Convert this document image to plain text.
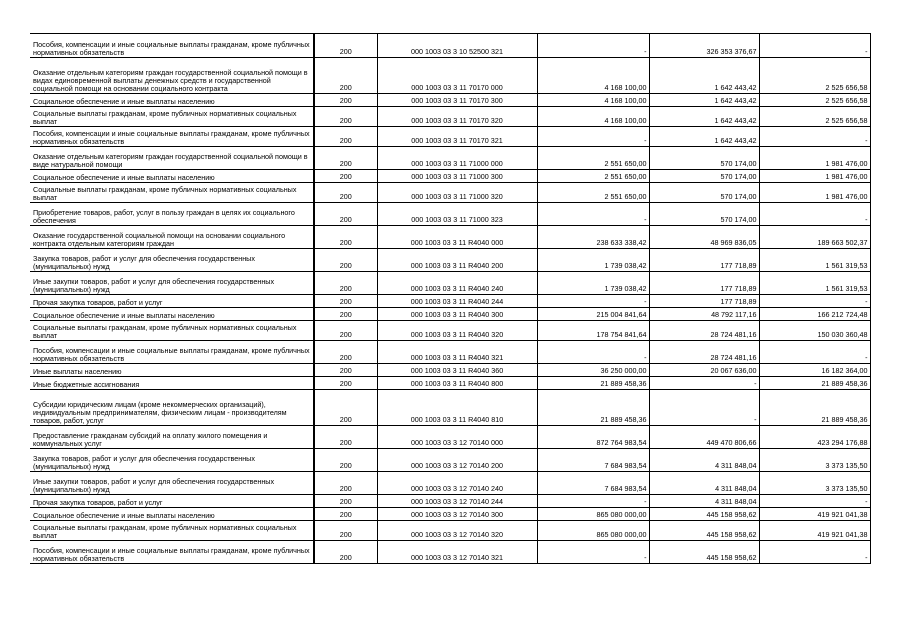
Пособия, компенсации и иные социальные выплаты гражданам, кроме публичных нормативных обязательств	200	000 1003 03 3 10 52500 321	-	326 353 376,67	-
Оказание отдельным категориям граждан государственной социальной помощи в видах единовременной выплаты денежных средств и государственной социальной помощи на основании социального контракта	200	000 1003 03 3 11 70170 000	4 168 100,00	1 642 443,42	2 525 656,58
Социальное обеспечение и иные выплаты населению	200	000 1003 03 3 11 70170 300	4 168 100,00	1 642 443,42	2 525 656,58
Социальные выплаты гражданам, кроме публичных нормативных социальных выплат	200	000 1003 03 3 11 70170 320	4 168 100,00	1 642 443,42	2 525 656,58
Пособия, компенсации и иные социальные выплаты гражданам, кроме публичных нормативных обязательств	200	000 1003 03 3 11 70170 321	-	1 642 443,42	-
Оказание отдельным категориям граждан государственной социальной помощи в виде натуральной помощи	200	000 1003 03 3 11 71000 000	2 551 650,00	570 174,00	1 981 476,00
Социальное обеспечение и иные выплаты населению	200	000 1003 03 3 11 71000 300	2 551 650,00	570 174,00	1 981 476,00
Социальные выплаты гражданам, кроме публичных нормативных социальных выплат	200	000 1003 03 3 11 71000 320	2 551 650,00	570 174,00	1 981 476,00
Приобретение товаров, работ, услуг в пользу граждан в целях их социального обеспечения	200	000 1003 03 3 11 71000 323	-	570 174,00	-
Оказание государственной социальной помощи на основании социального контракта отдельным категориям граждан	200	000 1003 03 3 11 R4040 000	238 633 338,42	48 969 836,05	189 663 502,37
Закупка товаров, работ и услуг для обеспечения государственных (муниципальных) нужд	200	000 1003 03 3 11 R4040 200	1 739 038,42	177 718,89	1 561 319,53
Иные закупки товаров, работ и услуг для обеспечения государственных (муниципальных) нужд	200	000 1003 03 3 11 R4040 240	1 739 038,42	177 718,89	1 561 319,53
Прочая закупка товаров, работ и услуг	200	000 1003 03 3 11 R4040 244	-	177 718,89	-
Социальное обеспечение и иные выплаты населению	200	000 1003 03 3 11 R4040 300	215 004 841,64	48 792 117,16	166 212 724,48
Социальные выплаты гражданам, кроме публичных нормативных социальных выплат	200	000 1003 03 3 11 R4040 320	178 754 841,64	28 724 481,16	150 030 360,48
Пособия, компенсации и иные социальные выплаты гражданам, кроме публичных нормативных обязательств	200	000 1003 03 3 11 R4040 321	-	28 724 481,16	-
Иные выплаты населению	200	000 1003 03 3 11 R4040 360	36 250 000,00	20 067 636,00	16 182 364,00
Иные бюджетные ассигнования	200	000 1003 03 3 11 R4040 800	21 889 458,36	-	21 889 458,36
Субсидии юридическим лицам (кроме некоммерческих организаций), индивидуальным предпринимателям, физическим лицам - производителям товаров, работ, услуг	200	000 1003 03 3 11 R4040 810	21 889 458,36	-	21 889 458,36
Предоставление гражданам субсидий на оплату жилого помещения и коммунальных услуг	200	000 1003 03 3 12 70140 000	872 764 983,54	449 470 806,66	423 294 176,88
Закупка товаров, работ и услуг для обеспечения государственных (муниципальных) нужд	200	000 1003 03 3 12 70140 200	7 684 983,54	4 311 848,04	3 373 135,50
Иные закупки товаров, работ и услуг для обеспечения государственных (муниципальных) нужд	200	000 1003 03 3 12 70140 240	7 684 983,54	4 311 848,04	3 373 135,50
Прочая закупка товаров, работ и услуг	200	000 1003 03 3 12 70140 244	-	4 311 848,04	-
Социальное обеспечение и иные выплаты населению	200	000 1003 03 3 12 70140 300	865 080 000,00	445 158 958,62	419 921 041,38
Социальные выплаты гражданам, кроме публичных нормативных социальных выплат	200	000 1003 03 3 12 70140 320	865 080 000,00	445 158 958,62	419 921 041,38
Пособия, компенсации и иные социальные выплаты гражданам, кроме публичных нормативных обязательств	200	000 1003 03 3 12 70140 321	-	445 158 958,62	-
